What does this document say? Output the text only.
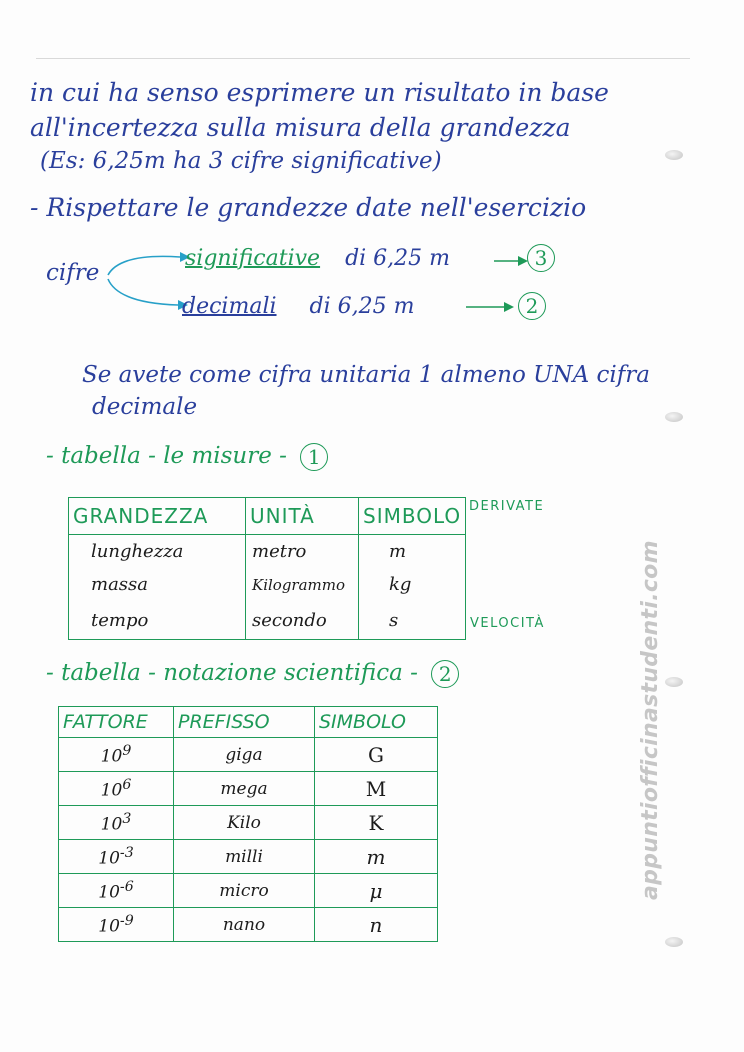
in cui ha senso esprimere un risultato in base
all'incertezza sulla misura della grandezza
(Es: 6,25m ha 3 cifre significative)
- Rispettare le grandezze date nell'esercizio
cifre
significative di 6,25 m	3
decimali di 6,25 m	2
Se avete come cifra unitaria 1 almeno UNA cifra
decimale
- tabella - le misure - 1
GRANDEZZA	UNITÀ	SIMBOLO
lunghezza	metro	m
massa	Kilogrammo	kg
tempo	secondo	s
DERIVATE
VELOCITÀ
- tabella - notazione scientifica - 2
FATTORE	PREFISSO	SIMBOLO
$10^9$	giga	G
$10^6$	mega	M
$10^3$	Kilo	K
$10^{-3}$	milli	m
$10^{-6}$	micro	μ
$10^{-9}$	nano	n
appuntiofficinastudenti.com
